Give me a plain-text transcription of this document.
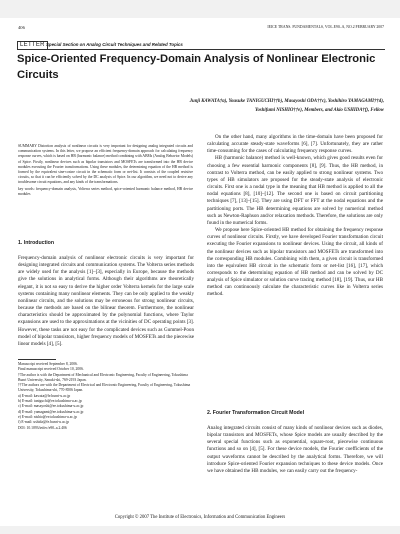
406	IEICE TRANS. FUNDAMENTALS, VOL.E90–A, NO.2 FEBRUARY 2007
LETTER Special Section on Analog Circuit Techniques and Related Topics
Spice-Oriented Frequency-Domain Analysis of Nonlinear Electronic Circuits

Junji KAWATA†a), Yousuke TANIGUCHI††b), Masayoshi ODA††c), Yoshihiro YAMAGAMI††d),

Yoshifumi NISHIO††e), Members, and Akio USHIDA†f), Fellow

SUMMARY Distortion analysis of nonlinear circuits is very important for designing analog integrated circuits and communication systems. In this letter, we propose an efficient frequency-domain approach for calculating frequency response curves, which is based on HB (harmonic balance) method combining with ABMs (Analog Behavior Models) of Spice. Firstly, nonlinear devices such as bipolar transistors and MOSFETs are transformed into the HB device modules executing the Fourier transformations. Using these modules, the determining equation of the HB method is formed by the equivalent sine-cosine circuit in the schematic form or net-list. It consists of the coupled resistive circuits, so that it can be efficiently solved by the DC analysis of Spice. In our algorithm, we need not to derive any troublesome circuit equations, and any kinds of the transformations.

key words: frequency-domain analysis, Volterra series method, spice-oriented harmonic balance method, HB device modules

1. Introduction

Frequency-domain analysis of nonlinear electronic circuits is very important for designing integrated circuits and communication systems. The Volterra series methods are widely used for the analysis [1]–[3], especially in Europe, because the methods give the solutions in analytical forms. Although their algorithms are theoretically elegant, it is not so easy to derive the higher order Volterra kernels for the large scale systems containing many nonlinear elements. They can be only applied to the weakly nonlinear circuits, and the solutions may be erroneous for strong nonlinear circuits, because the methods are based on the bilinear theorem. Furthermore, the nonlinear characteristics should be approximated by the polynomial functions, where Taylor expansions are used to the approximations at the vicinities of DC operating points [3]. However, these tasks are not easy for the complicated devices such as Gummel-Poon model of bipolar transistors, higher frequency models of MOSFETs and the piecewise linear models [4], [5].

Manuscript received September 8, 2006.

Final manuscript received October 10, 2006.

†The author is with the Department of Mechanical and Electronic Engineering, Faculty of Engineering, Tokushima Bunri University, Sanuki-shi, 769-2193 Japan.

††The authors are with the Department of Electrical and Electronic Engineering, Faculty of Engineering, Tokushima University, Tokushima-shi, 770-8506 Japan.

a) E-mail: kawata@fe.bunri-u.ac.jp

b) E-mail: taniguchi@ee.tokushima-u.ac.jp

c) E-mail: masayoshi@ee.tokushima-u.ac.jp

d) E-mail: yamagami@ee.tokushima-u.ac.jp

e) E-mail: nishio@ee.tokushima-u.ac.jp

f) E-mail: ushida@fe.bunri-u.ac.jp

DOI: 10.1093/ietfec/e90–a.2.406

On the other hand, many algorithms in the time-domain have been proposed for calculating accurate steady-state waveforms [6], [7]. Unfortunately, they are rather time-consuming for the cases of calculating frequency response curves.

HB (harmonic balance) method is well-known, which gives good results even for choosing a few essential harmonic components [8], [9]. Thus, the HB method, in contrast to Volterra method, can be easily applied to strong nonlinear systems. Two types of HB simulators are proposed for the steady-state analysis of electronic circuits. First one is a nodal type in the meaning that HB method is applied to all the nodal equations [8], [10]–[12]. The second one is based on circuit partitioning techniques [7], [13]–[15]. They are using DFT or FFT at the nodal equations and the partitioning ports. The HB determining equations are solved by numerical method such as Newton-Raphson and/or relaxation methods. Therefore, the solutions are only found in the numerical forms.

We propose here Spice-oriented HB method for obtaining the frequency response curves of nonlinear circuits. Firstly, we have developed Fourier transformation circuit executing the Fourier expansions to nonlinear devices. Using the circuit, all kinds of the nonlinear devices such as bipolar transistors and MOSFETs are transformed into the corresponding HB modules. Combining with them, a given circuit is transformed into the equivalent HB circuit in the schematic form or net-list [16], [17], which corresponds to the determining equation of HB method and can be solved by DC analysis of Spice simulator or solution curve tracing method [18], [19]. Thus, our HB method can continuously calculate the characteristic curves like in Volterra series method.

2. Fourier Transformation Circuit Model

Analog integrated circuits consist of many kinds of nonlinear devices such as diodes, bipolar transistors and MOSFETs, whose Spice models are usually described by the several special functions such as exponential, square-root, piecewise continuous functions and so on [4], [5]. For these device models, the Fourier coefficients of the output waveforms cannot be described by the analytical forms. Therefore, we will introduce Spice-oriented Fourier expansion techniques to these device models. Once we have obtained the HB modules, we can easily carry out the frequency-

Copyright © 2007 The Institute of Electronics, Information and Communication Engineers
